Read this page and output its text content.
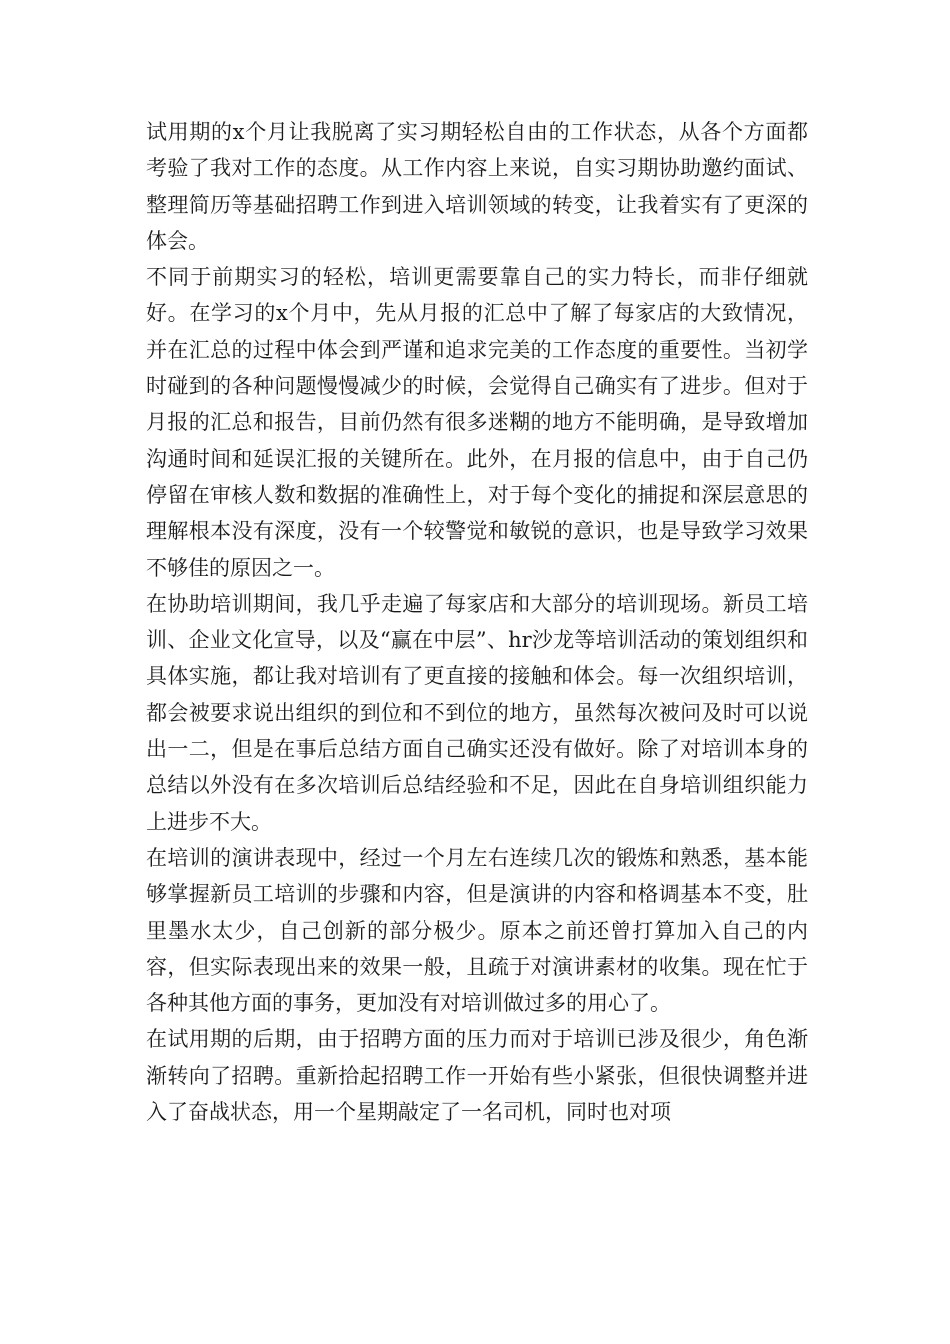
试用期的x个月让我脱离了实习期轻松自由的工作状态，从各个方面都考验了我对工作的态度。从工作内容上来说，自实习期协助邀约面试、整理简历等基础招聘工作到进入培训领域的转变，让我着实有了更深的体会。

不同于前期实习的轻松，培训更需要靠自己的实力特长，而非仔细就好。在学习的x个月中，先从月报的汇总中了解了每家店的大致情况，并在汇总的过程中体会到严谨和追求完美的工作态度的重要性。当初学时碰到的各种问题慢慢减少的时候，会觉得自己确实有了进步。但对于月报的汇总和报告，目前仍然有很多迷糊的地方不能明确，是导致增加沟通时间和延误汇报的关键所在。此外，在月报的信息中，由于自己仍停留在审核人数和数据的准确性上，对于每个变化的捕捉和深层意思的理解根本没有深度，没有一个较警觉和敏锐的意识，也是导致学习效果不够佳的原因之一。

在协助培训期间，我几乎走遍了每家店和大部分的培训现场。新员工培训、企业文化宣导，以及“赢在中层”、hr沙龙等培训活动的策划组织和具体实施，都让我对培训有了更直接的接触和体会。每一次组织培训，都会被要求说出组织的到位和不到位的地方，虽然每次被问及时可以说出一二，但是在事后总结方面自己确实还没有做好。除了对培训本身的总结以外没有在多次培训后总结经验和不足，因此在自身培训组织能力上进步不大。

在培训的演讲表现中，经过一个月左右连续几次的锻炼和熟悉，基本能够掌握新员工培训的步骤和内容，但是演讲的内容和格调基本不变，肚里墨水太少，自己创新的部分极少。原本之前还曾打算加入自己的内容，但实际表现出来的效果一般，且疏于对演讲素材的收集。现在忙于各种其他方面的事务，更加没有对培训做过多的用心了。

在试用期的后期，由于招聘方面的压力而对于培训已涉及很少，角色渐渐转向了招聘。重新拾起招聘工作一开始有些小紧张，但很快调整并进入了奋战状态，用一个星期敲定了一名司机，同时也对项
